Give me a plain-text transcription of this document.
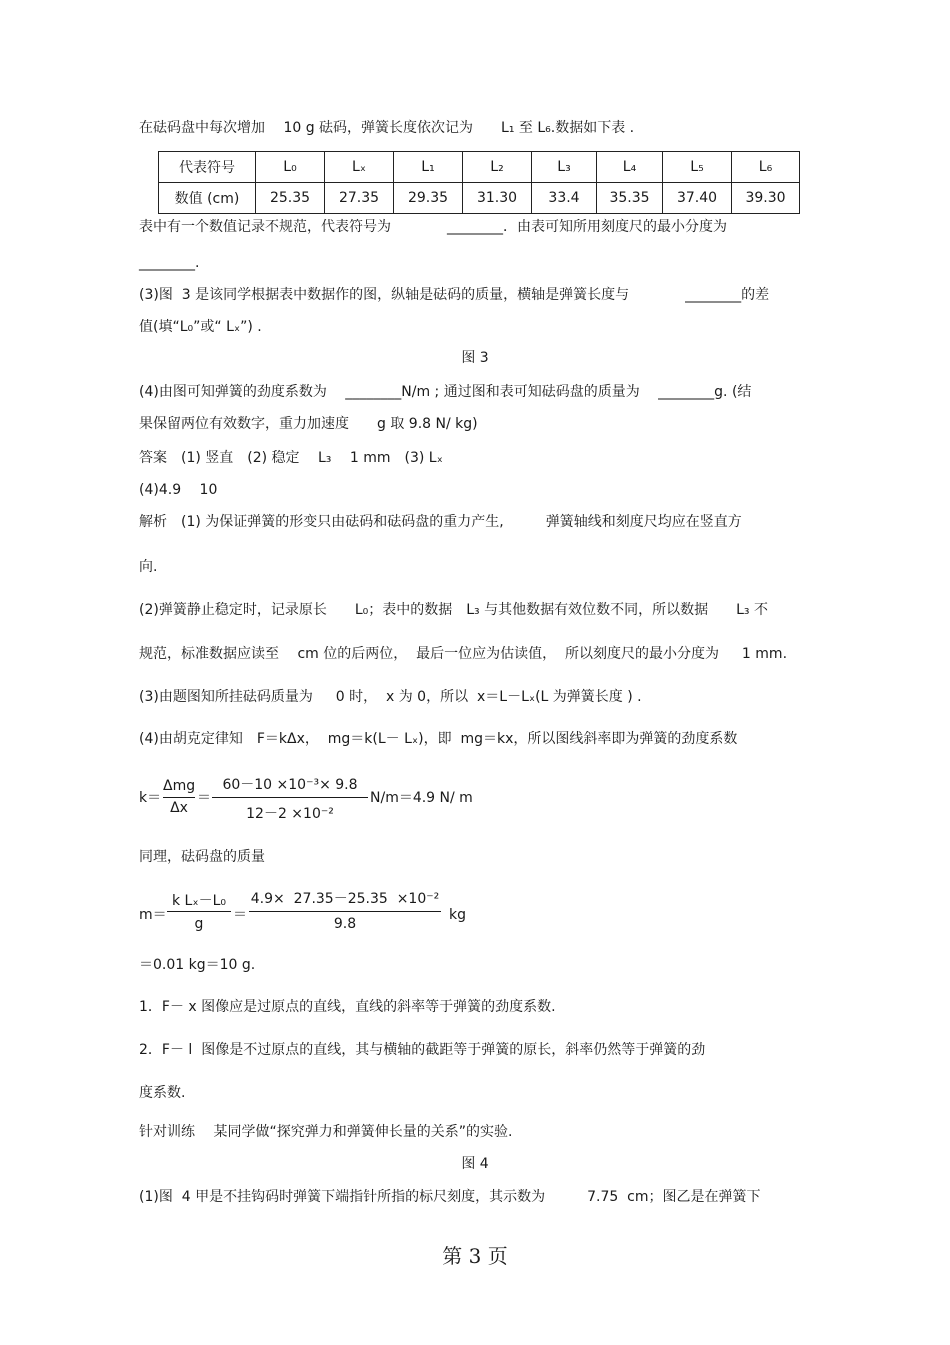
在砝码盘中每次增加　 10 g 砝码，弹簧长度依次记为　　L₁ 至 L₆.数据如下表 .
代表符号	L₀	Lₓ	L₁	L₂	L₃	L₄	L₅	L₆
数值 (cm)	25.35	27.35	29.35	31.30	33.4	35.35	37.40	39.30
表中有一个数值记录不规范，代表符号为　　　　________．由表可知所用刻度尺的最小分度为
________.
(3)图  3 是该同学根据表中数据作的图，纵轴是砝码的质量，横轴是弹簧长度与　　　　________的差
值(填“L₀”或“ Lₓ”) .
图 3
(4)由图可知弹簧的劲度系数为　 ________N/m ; 通过图和表可知砝码盘的质量为　 ________g. (结
果保留两位有效数字，重力加速度　　g 取 9.8 N/ kg)
答案　(1) 竖直　(2) 稳定　 L₃　 1 mm　(3) Lₓ
(4)4.9　 10
解析　(1) 为保证弹簧的形变只由砝码和砝码盘的重力产生,　　　弹簧轴线和刻度尺均应在竖直方
向.
(2)弹簧静止稳定时，记录原长　　L₀；表中的数据　L₃ 与其他数据有效位数不同，所以数据　　L₃ 不
规范，标准数据应读至　 cm 位的后两位，  最后一位应为估读值，  所以刻度尺的最小分度为　  1 mm.
(3)由题图知所挂砝码质量为　  0 时，  x 为 0，所以  x＝L－Lₓ(L 为弹簧长度 ) .
(4)由胡克定律知　F＝kΔx，  mg＝k(L－ Lₓ)，即  mg＝kx，所以图线斜率即为弹簧的劲度系数
k＝
Δmg
Δx
＝
60－10 ×10⁻³× 9.8
12－2 ×10⁻²
N/m＝4.9 N/ m
同理，砝码盘的质量
m＝
k Lₓ－L₀
g
＝
4.9×  27.35－25.35  ×10⁻²
9.8
kg
＝0.01 kg＝10 g.
1．F－ x 图像应是过原点的直线，直线的斜率等于弹簧的劲度系数.
2．F－ l  图像是不过原点的直线，其与横轴的截距等于弹簧的原长，斜率仍然等于弹簧的劲
度系数.
针对训练　 某同学做“探究弹力和弹簧伸长量的关系”的实验.
图 4
(1)图  4 甲是不挂钩码时弹簧下端指针所指的标尺刻度，其示数为　　　7.75  cm；图乙是在弹簧下
第 3 页
